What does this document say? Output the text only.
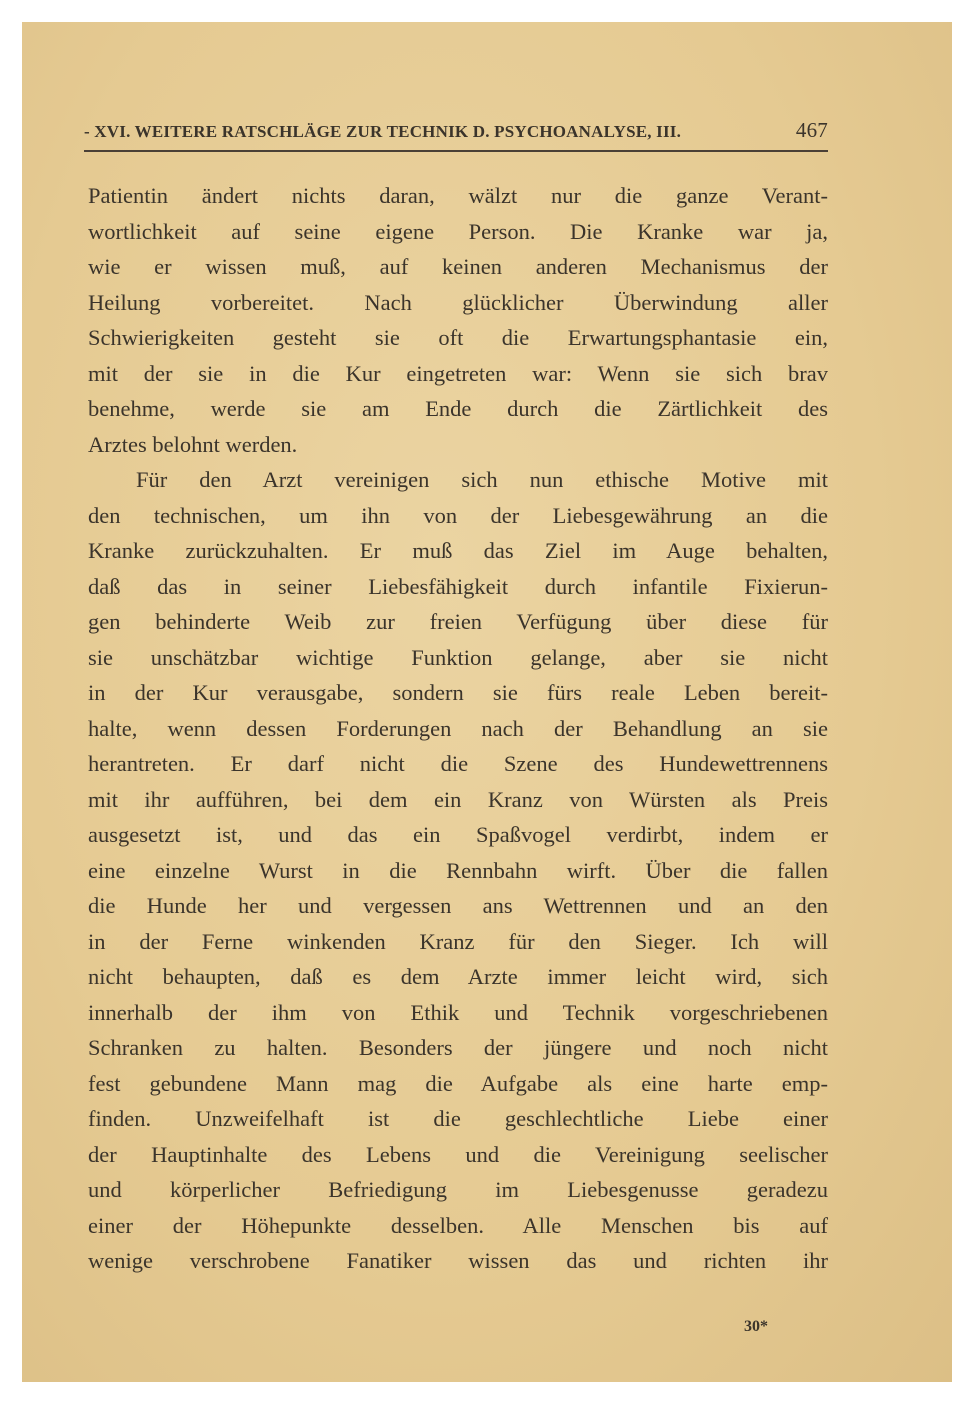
- XVI. WEITERE RATSCHLÄGE ZUR TECHNIK D. PSYCHOANALYSE, III.	467
Patientin ändert nichts daran, wälzt nur die ganze Verant-
wortlichkeit auf seine eigene Person. Die Kranke war ja,
wie er wissen muß, auf keinen anderen Mechanismus der
Heilung vorbereitet. Nach glücklicher Überwindung aller
Schwierigkeiten gesteht sie oft die Erwartungsphantasie ein,
mit der sie in die Kur eingetreten war: Wenn sie sich brav
benehme, werde sie am Ende durch die Zärtlichkeit des
Arztes belohnt werden.
Für den Arzt vereinigen sich nun ethische Motive mit
den technischen, um ihn von der Liebesgewährung an die
Kranke zurückzuhalten. Er muß das Ziel im Auge behalten,
daß das in seiner Liebesfähigkeit durch infantile Fixierun-
gen behinderte Weib zur freien Verfügung über diese für
sie unschätzbar wichtige Funktion gelange, aber sie nicht
in der Kur verausgabe, sondern sie fürs reale Leben bereit-
halte, wenn dessen Forderungen nach der Behandlung an sie
herantreten. Er darf nicht die Szene des Hundewettrennens
mit ihr aufführen, bei dem ein Kranz von Würsten als Preis
ausgesetzt ist, und das ein Spaßvogel verdirbt, indem er
eine einzelne Wurst in die Rennbahn wirft. Über die fallen
die Hunde her und vergessen ans Wettrennen und an den
in der Ferne winkenden Kranz für den Sieger. Ich will
nicht behaupten, daß es dem Arzte immer leicht wird, sich
innerhalb der ihm von Ethik und Technik vorgeschriebenen
Schranken zu halten. Besonders der jüngere und noch nicht
fest gebundene Mann mag die Aufgabe als eine harte emp-
finden. Unzweifelhaft ist die geschlechtliche Liebe einer
der Hauptinhalte des Lebens und die Vereinigung seelischer
und körperlicher Befriedigung im Liebesgenusse geradezu
einer der Höhepunkte desselben. Alle Menschen bis auf
wenige verschrobene Fanatiker wissen das und richten ihr
30*
